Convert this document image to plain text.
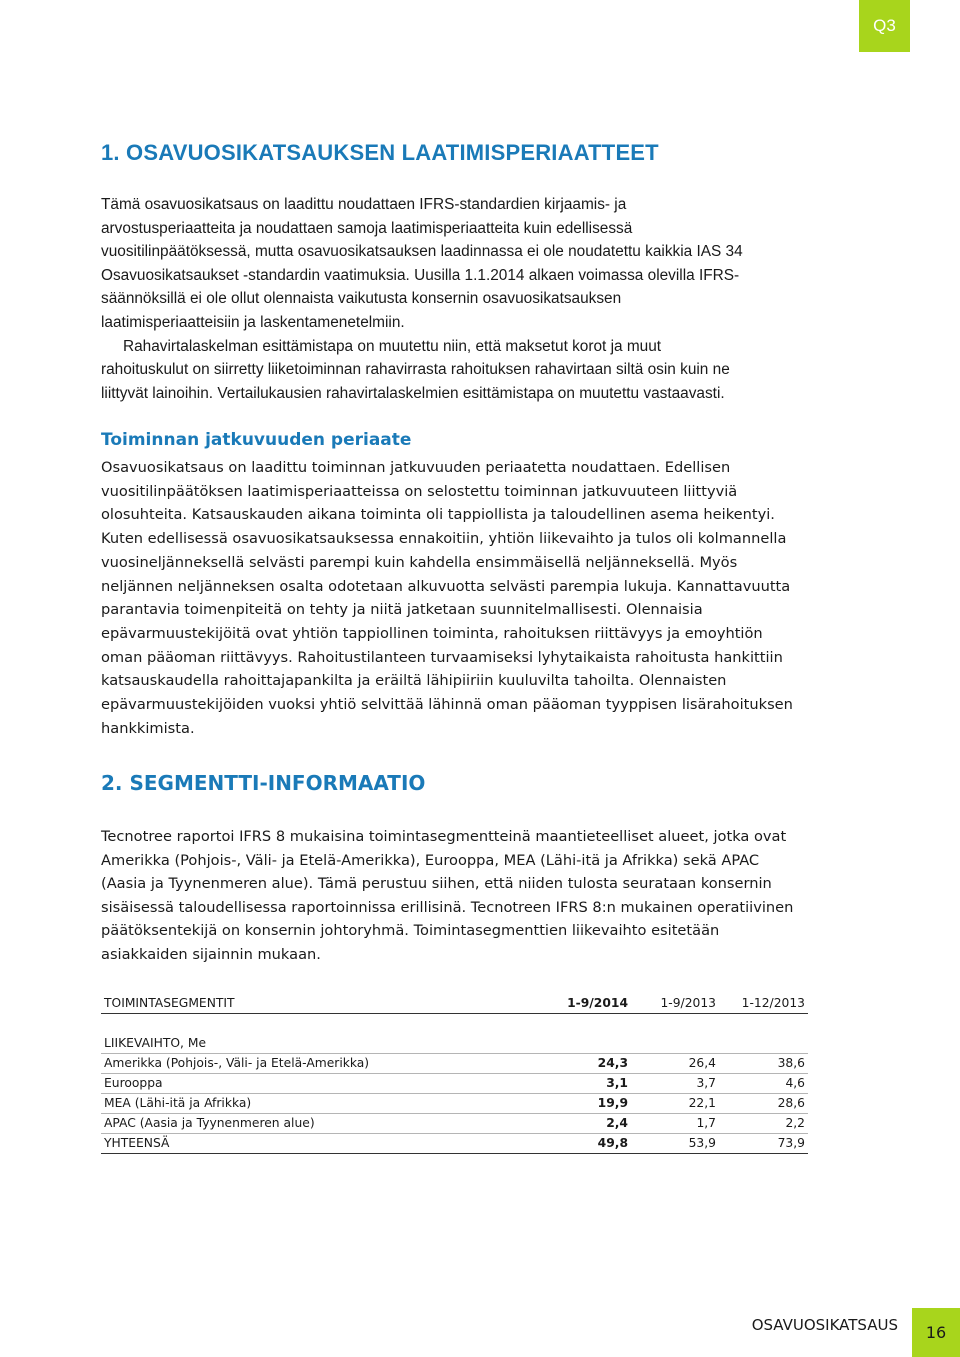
Q3
1. OSAVUOSIKATSAUKSEN LAATIMISPERIAATTEET
Tämä osavuosikatsaus on laadittu noudattaen IFRS-standardien kirjaamis- ja
arvostusperiaatteita ja noudattaen samoja laatimisperiaatteita kuin edellisessä
vuositilinpäätöksessä, mutta osavuosikatsauksen laadinnassa ei ole noudatettu kaikkia IAS 34
Osavuosikatsaukset -standardin vaatimuksia. Uusilla 1.1.2014 alkaen voimassa olevilla IFRS-
säännöksillä ei ole ollut olennaista vaikutusta konsernin osavuosikatsauksen
laatimisperiaatteisiin ja laskentamenetelmiin.
Rahavirtalaskelman esittämistapa on muutettu niin, että maksetut korot ja muut
rahoituskulut on siirretty liiketoiminnan rahavirrasta rahoituksen rahavirtaan siltä osin kuin ne
liittyvät lainoihin. Vertailukausien rahavirtalaskelmien esittämistapa on muutettu vastaavasti.
Toiminnan jatkuvuuden periaate
Osavuosikatsaus on laadittu toiminnan jatkuvuuden periaatetta noudattaen. Edellisen
vuositilinpäätöksen laatimisperiaatteissa on selostettu toiminnan jatkuvuuteen liittyviä
olosuhteita. Katsauskauden aikana toiminta oli tappiollista ja taloudellinen asema heikentyi.
Kuten edellisessä osavuosikatsauksessa ennakoitiin, yhtiön liikevaihto ja tulos oli kolmannella
vuosineljänneksellä selvästi parempi kuin kahdella ensimmäisellä neljänneksellä. Myös
neljännen neljänneksen osalta odotetaan alkuvuotta selvästi parempia lukuja. Kannattavuutta
parantavia toimenpiteitä on tehty ja niitä jatketaan suunnitelmallisesti. Olennaisia
epävarmuustekijöitä ovat yhtiön tappiollinen toiminta, rahoituksen riittävyys ja emoyhtiön
oman pääoman riittävyys. Rahoitustilanteen turvaamiseksi lyhytaikaista rahoitusta hankittiin
katsauskaudella rahoittajapankilta ja eräiltä lähipiiriin kuuluvilta tahoilta. Olennaisten
epävarmuustekijöiden vuoksi yhtiö selvittää lähinnä oman pääoman tyyppisen lisärahoituksen
hankkimista.
2. SEGMENTTI-INFORMAATIO
Tecnotree raportoi IFRS 8 mukaisina toimintasegmentteinä maantieteelliset alueet, jotka ovat
Amerikka (Pohjois-, Väli- ja Etelä-Amerikka), Eurooppa, MEA (Lähi-itä ja Afrikka) sekä APAC
(Aasia ja Tyynenmeren alue). Tämä perustuu siihen, että niiden tulosta seurataan konsernin
sisäisessä taloudellisessa raportoinnissa erillisinä. Tecnotreen IFRS 8:n mukainen operatiivinen
päätöksentekijä on konsernin johtoryhmä. Toimintasegmenttien liikevaihto esitetään
asiakkaiden sijainnin mukaan.
TOIMINTASEGMENTIT	1-9/2014	1-9/2013	1-12/2013

LIIKEVAIHTO, Me			
Amerikka (Pohjois-, Väli- ja Etelä-Amerikka)	24,3	26,4	38,6
Eurooppa	3,1	3,7	4,6
MEA (Lähi-itä ja Afrikka)	19,9	22,1	28,6
APAC (Aasia ja Tyynenmeren alue)	2,4	1,7	2,2
YHTEENSÄ	49,8	53,9	73,9
OSAVUOSIKATSAUS	16
